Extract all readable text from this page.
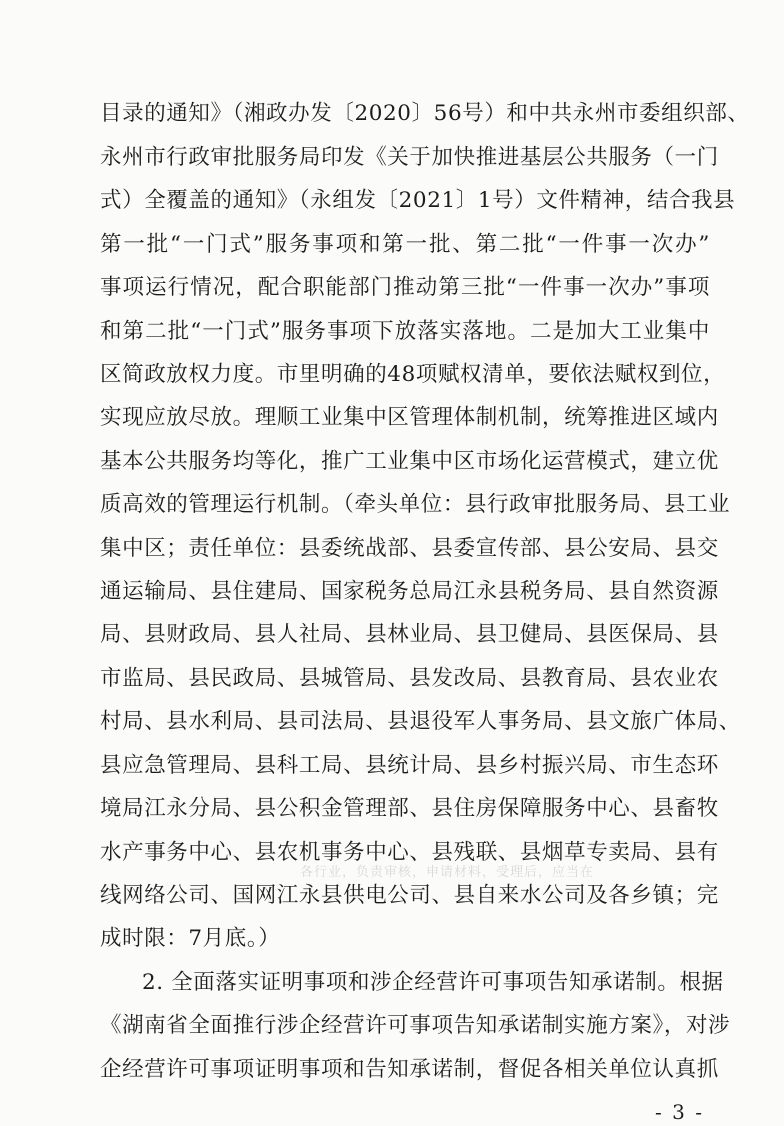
目录的通知》（湘政办发〔2020〕56号）和中共永州市委组织部、
永州市行政审批服务局印发《关于加快推进基层公共服务（一门
式）全覆盖的通知》（永组发〔2021〕1号）文件精神，结合我县
第一批“一门式”服务事项和第一批、第二批“一件事一次办”
事项运行情况，配合职能部门推动第三批“一件事一次办”事项
和第二批“一门式”服务事项下放落实落地。二是加大工业集中
区简政放权力度。市里明确的48项赋权清单，要依法赋权到位，
实现应放尽放。理顺工业集中区管理体制机制，统筹推进区域内
基本公共服务均等化，推广工业集中区市场化运营模式，建立优
质高效的管理运行机制。（牵头单位：县行政审批服务局、县工业
集中区；责任单位：县委统战部、县委宣传部、县公安局、县交
通运输局、县住建局、国家税务总局江永县税务局、县自然资源
局、县财政局、县人社局、县林业局、县卫健局、县医保局、县
市监局、县民政局、县城管局、县发改局、县教育局、县农业农
村局、县水利局、县司法局、县退役军人事务局、县文旅广体局、
县应急管理局、县科工局、县统计局、县乡村振兴局、市生态环
境局江永分局、县公积金管理部、县住房保障服务中心、县畜牧
水产事务中心、县农机事务中心、县残联、县烟草专卖局、县有
线网络公司、国网江永县供电公司、县自来水公司及各乡镇；完
成时限：7月底。）
各行业，负责审核，申请材料，受理后，应当在
2. 全面落实证明事项和涉企经营许可事项告知承诺制。根据
《湖南省全面推行涉企经营许可事项告知承诺制实施方案》，对涉
企经营许可事项证明事项和告知承诺制，督促各相关单位认真抓
- 3 -
